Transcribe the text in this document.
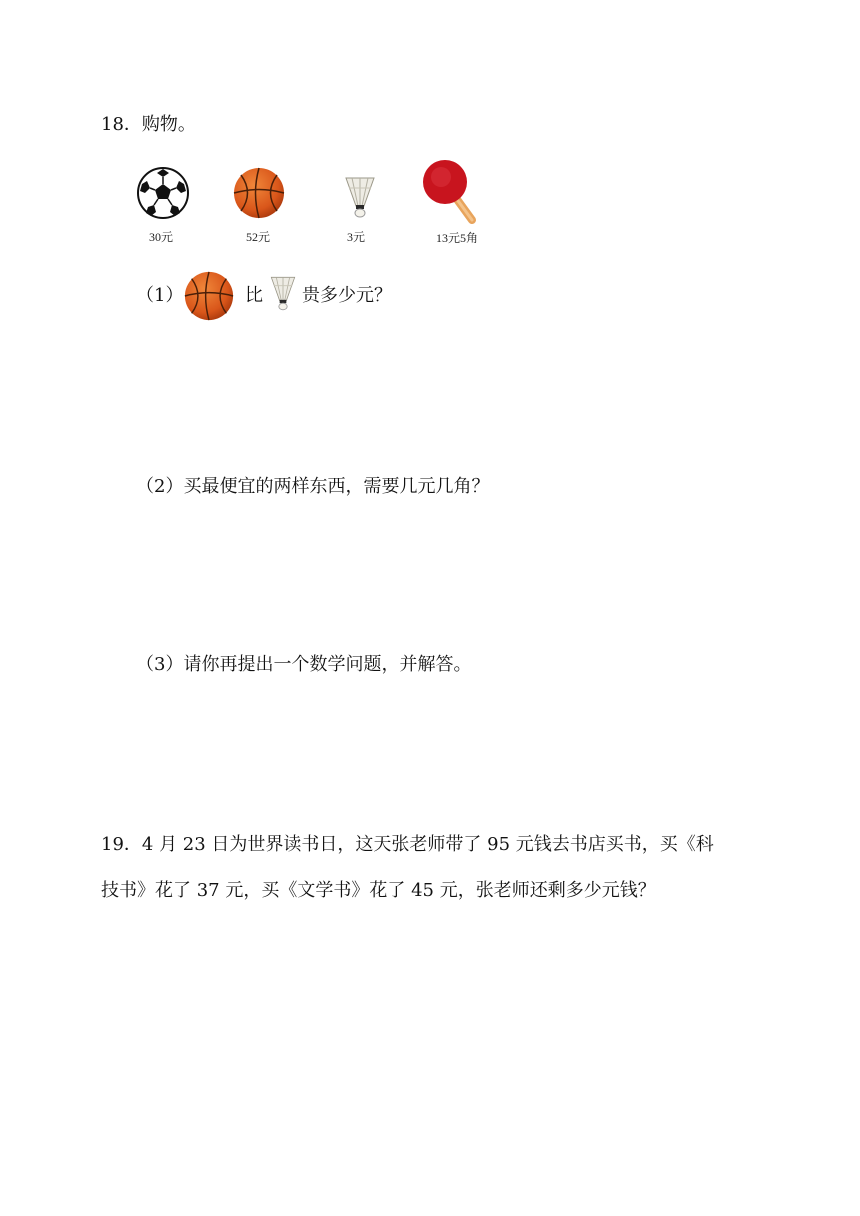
18．购物。
30元	52元	3元	13元5角
（1）	比 贵多少元？
（2）买最便宜的两样东西，需要几元几角？
（3）请你再提出一个数学问题，并解答。
19．4 月 23 日为世界读书日，这天张老师带了 95 元钱去书店买书，买《科
技书》花了 37 元，买《文学书》花了 45 元，张老师还剩多少元钱？
